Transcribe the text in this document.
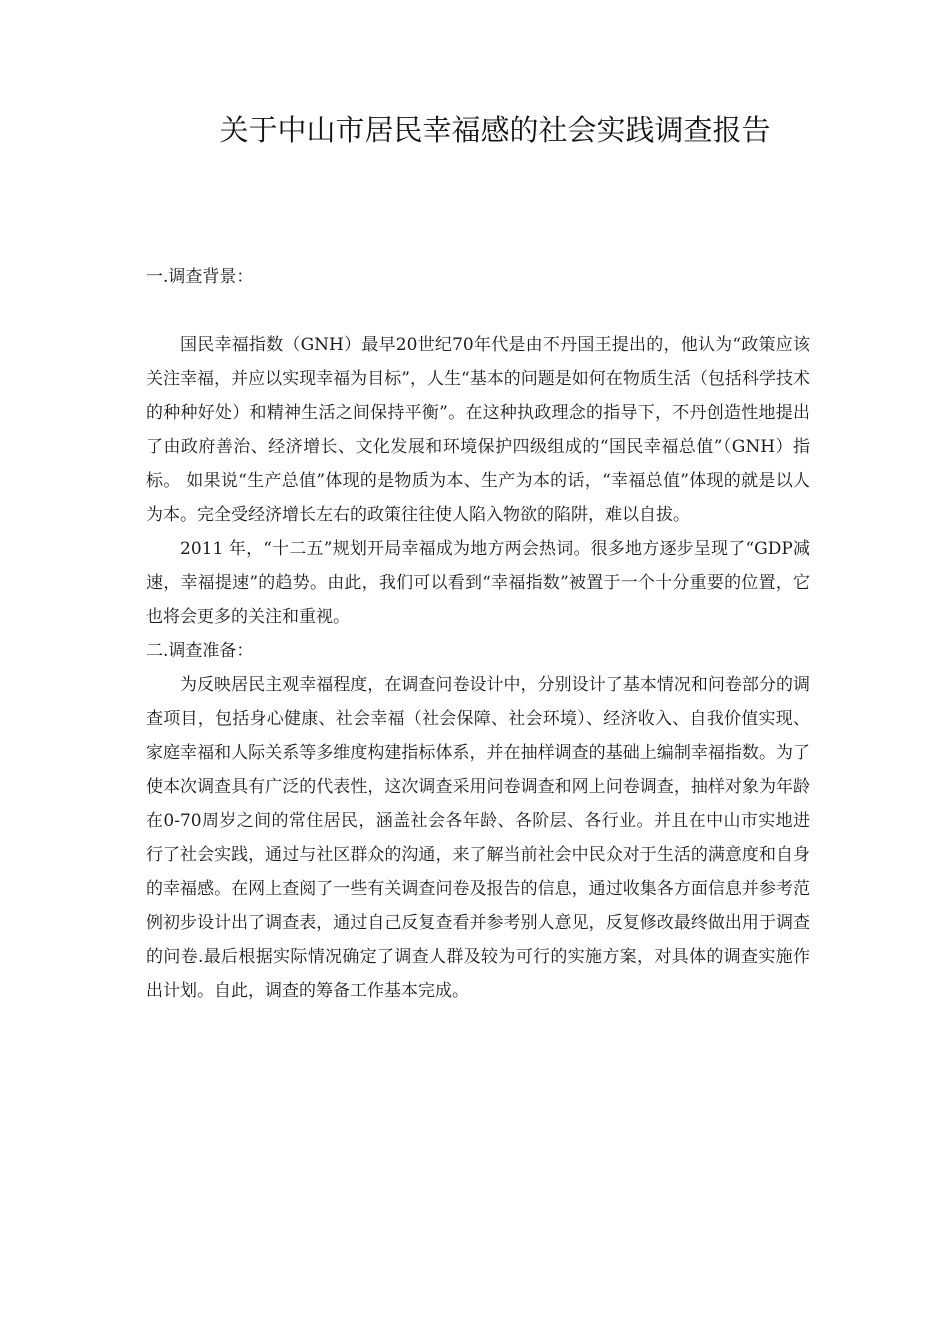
关于中山市居民幸福感的社会实践调查报告
一.调查背景：

国民幸福指数（GNH）最早20世纪70年代是由不丹国王提出的，他认为“政策应该关注幸福，并应以实现幸福为目标”，人生“基本的问题是如何在物质生活（包括科学技术的种种好处）和精神生活之间保持平衡”。在这种执政理念的指导下，不丹创造性地提出了由政府善治、经济增长、文化发展和环境保护四级组成的“国民幸福总值”（GNH）指标。 如果说“生产总值”体现的是物质为本、生产为本的话，“幸福总值”体现的就是以人为本。完全受经济增长左右的政策往往使人陷入物欲的陷阱，难以自拔。

2011 年，“十二五”规划开局幸福成为地方两会热词。很多地方逐步呈现了“GDP减速，幸福提速”的趋势。由此，我们可以看到“幸福指数”被置于一个十分重要的位置，它也将会更多的关注和重视。

二.调查准备：

为反映居民主观幸福程度，在调查问卷设计中，分别设计了基本情况和问卷部分的调查项目，包括身心健康、社会幸福（社会保障、社会环境）、经济收入、自我价值实现、家庭幸福和人际关系等多维度构建指标体系，并在抽样调查的基础上编制幸福指数。为了使本次调查具有广泛的代表性，这次调查采用问卷调查和网上问卷调查，抽样对象为年龄在0-70周岁之间的常住居民，涵盖社会各年龄、各阶层、各行业。并且在中山市实地进行了社会实践，通过与社区群众的沟通，来了解当前社会中民众对于生活的满意度和自身的幸福感。在网上查阅了一些有关调查问卷及报告的信息，通过收集各方面信息并参考范例初步设计出了调查表，通过自己反复查看并参考别人意见，反复修改最终做出用于调查的问卷.最后根据实际情况确定了调查人群及较为可行的实施方案，对具体的调查实施作出计划。自此，调查的筹备工作基本完成。
